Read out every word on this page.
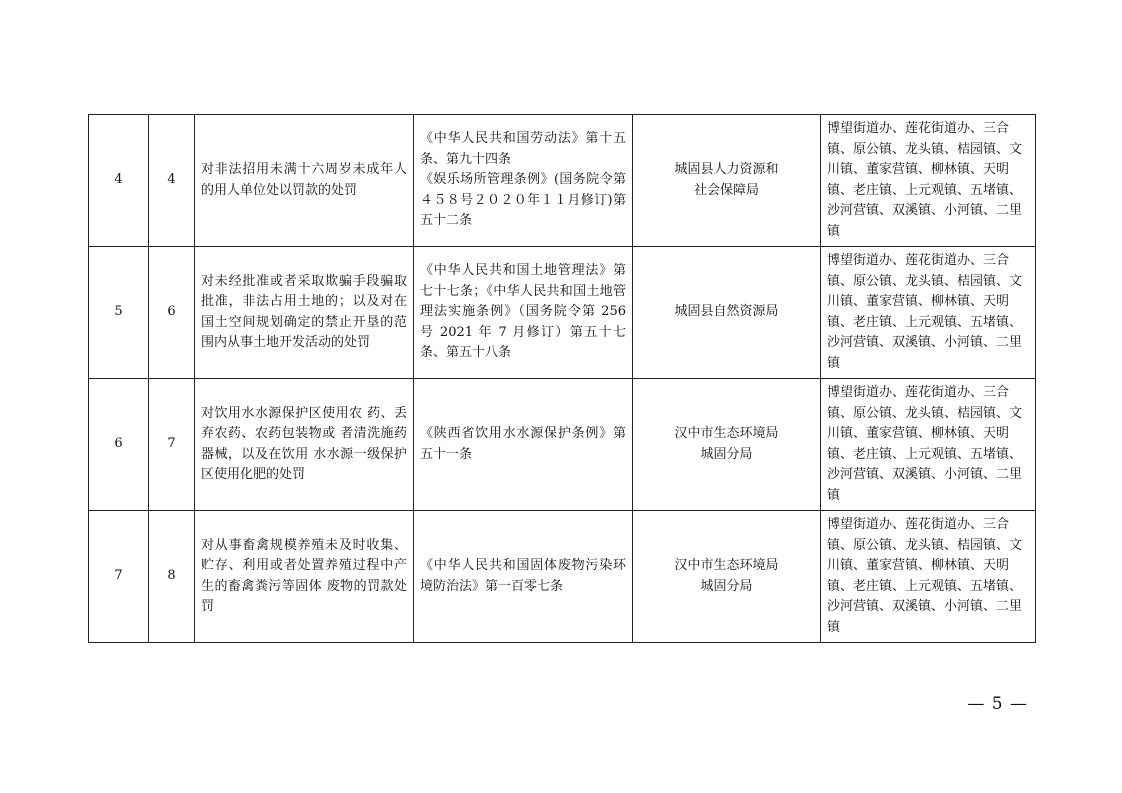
4	4	对非法招用未满十六周岁未成年人的用人单位处以罚款的处罚	《中华人民共和国劳动法》第十五条、第九十四条
《娱乐场所管理条例》(国务院令第４５８号２０２０年１１月修订)第五十二条	城固县人力资源和
社会保障局	博望街道办、莲花街道办、三合镇、原公镇、龙头镇、桔园镇、文川镇、董家营镇、柳林镇、天明镇、老庄镇、上元观镇、五堵镇、沙河营镇、双溪镇、小河镇、二里镇
5	6	对未经批准或者采取欺骗手段骗取批准，非法占用土地的；以及对在国土空间规划确定的禁止开垦的范围内从事土地开发活动的处罚	《中华人民共和国土地管理法》第七十七条；《中华人民共和国土地管理法实施条例》（国务院令第 256 号 2021 年 7 月修订）第五十七条、第五十八条	城固县自然资源局	博望街道办、莲花街道办、三合镇、原公镇、龙头镇、桔园镇、文川镇、董家营镇、柳林镇、天明镇、老庄镇、上元观镇、五堵镇、沙河营镇、双溪镇、小河镇、二里镇
6	7	对饮用水水源保护区使用农 药、丢弃农药、农药包装物或 者清洗施药器械，以及在饮用 水水源一级保护区使用化肥的处罚	《陕西省饮用水水源保护条例》第五十一条	汉中市生态环境局
城固分局	博望街道办、莲花街道办、三合镇、原公镇、龙头镇、桔园镇、文川镇、董家营镇、柳林镇、天明镇、老庄镇、上元观镇、五堵镇、沙河营镇、双溪镇、小河镇、二里镇
7	8	对从事畜禽规模养殖未及时收集、贮存、利用或者处置养殖过程中产生的畜禽粪污等固体 废物的罚款处罚	《中华人民共和国固体废物污染环境防治法》第一百零七条	汉中市生态环境局
城固分局	博望街道办、莲花街道办、三合镇、原公镇、龙头镇、桔园镇、文川镇、董家营镇、柳林镇、天明镇、老庄镇、上元观镇、五堵镇、沙河营镇、双溪镇、小河镇、二里镇
— 5 —
